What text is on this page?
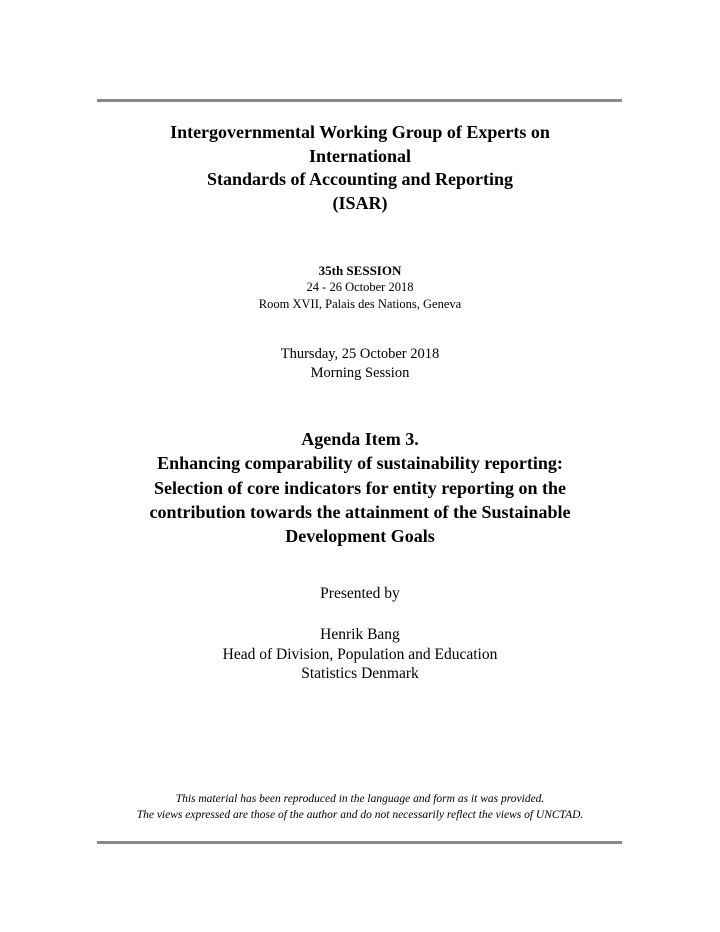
Intergovernmental Working Group of Experts on
International
Standards of Accounting and Reporting
(ISAR)
35th SESSION
24 - 26 October 2018
Room XVII, Palais des Nations, Geneva
Thursday, 25 October 2018
Morning Session
Agenda Item 3.
Enhancing comparability of sustainability reporting:
Selection of core indicators for entity reporting on the
contribution towards the attainment of the Sustainable
Development Goals
Presented by
Henrik Bang
Head of Division, Population and Education
Statistics Denmark
This material has been reproduced in the language and form as it was provided.
The views expressed are those of the author and do not necessarily reflect the views of UNCTAD.
